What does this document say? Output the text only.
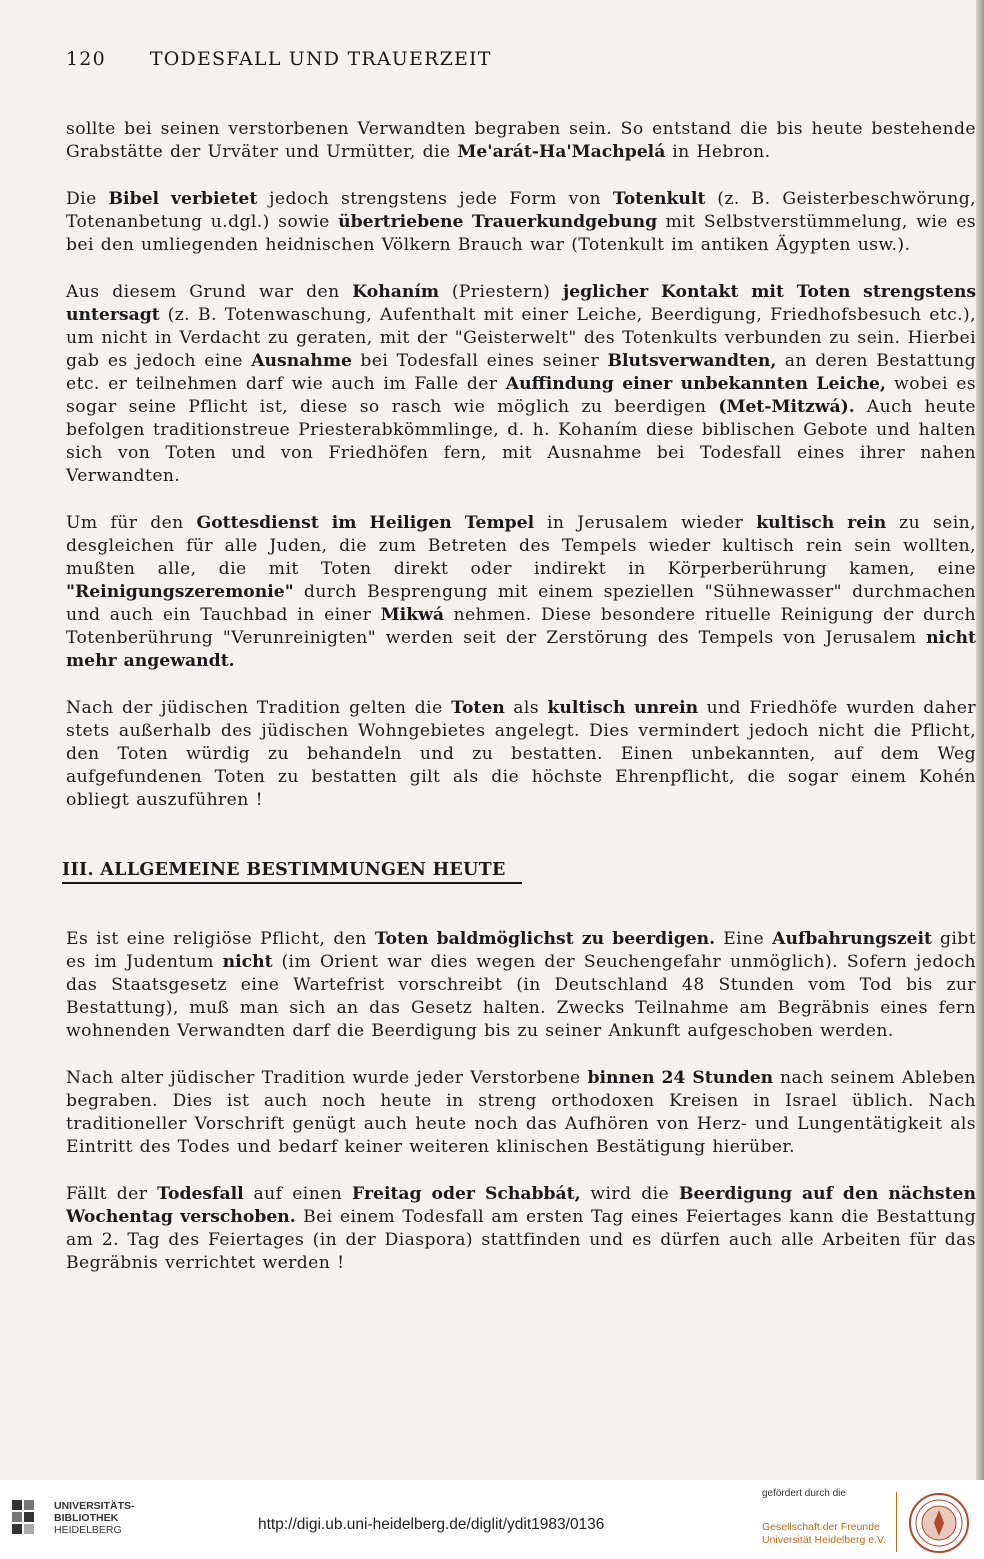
120 TODESFALL UND TRAUERZEIT

sollte bei seinen verstorbenen Verwandten begraben sein. So entstand die bis heute bestehende Grabstätte der Urväter und Urmütter, die Me'arát-Ha'Machpelá in Hebron.

Die Bibel verbietet jedoch strengstens jede Form von Totenkult (z. B. Geisterbeschwörung, Totenanbetung u.dgl.) sowie übertriebene Trauerkundgebung mit Selbstverstümmelung, wie es bei den umliegenden heidnischen Völkern Brauch war (Totenkult im antiken Ägypten usw.).

Aus diesem Grund war den Kohaním (Priestern) jeglicher Kontakt mit Toten strengstens untersagt (z. B. Totenwaschung, Aufenthalt mit einer Leiche, Beerdigung, Friedhofsbesuch etc.), um nicht in Verdacht zu geraten, mit der "Geisterwelt" des Totenkults verbunden zu sein. Hierbei gab es jedoch eine Ausnahme bei Todesfall eines seiner Blutsverwandten, an deren Bestattung etc. er teilnehmen darf wie auch im Falle der Auffindung einer unbekannten Leiche, wobei es sogar seine Pflicht ist, diese so rasch wie möglich zu beerdigen (Met-Mitzwá). Auch heute befolgen traditionstreue Priesterabkömmlinge, d. h. Kohaním diese biblischen Gebote und halten sich von Toten und von Friedhöfen fern, mit Ausnahme bei Todesfall eines ihrer nahen Verwandten.

Um für den Gottesdienst im Heiligen Tempel in Jerusalem wieder kultisch rein zu sein, desgleichen für alle Juden, die zum Betreten des Tempels wieder kultisch rein sein wollten, mußten alle, die mit Toten direkt oder indirekt in Körperberührung kamen, eine "Reinigungszeremonie" durch Besprengung mit einem speziellen "Sühnewasser" durchmachen und auch ein Tauchbad in einer Mikwá nehmen. Diese besondere rituelle Reinigung der durch Totenberührung "Verunreinigten" werden seit der Zerstörung des Tempels von Jerusalem nicht mehr angewandt.

Nach der jüdischen Tradition gelten die Toten als kultisch unrein und Friedhöfe wurden daher stets außerhalb des jüdischen Wohngebietes angelegt. Dies vermindert jedoch nicht die Pflicht, den Toten würdig zu behandeln und zu bestatten. Einen unbekannten, auf dem Weg aufgefundenen Toten zu bestatten gilt als die höchste Ehrenpflicht, die sogar einem Kohén obliegt auszuführen !

III. ALLGEMEINE BESTIMMUNGEN HEUTE

Es ist eine religiöse Pflicht, den Toten baldmöglichst zu beerdigen. Eine Aufbahrungszeit gibt es im Judentum nicht (im Orient war dies wegen der Seuchengefahr unmöglich). Sofern jedoch das Staatsgesetz eine Wartefrist vorschreibt (in Deutschland 48 Stunden vom Tod bis zur Bestattung), muß man sich an das Gesetz halten. Zwecks Teilnahme am Begräbnis eines fern wohnenden Verwandten darf die Beerdigung bis zu seiner Ankunft aufgeschoben werden.

Nach alter jüdischer Tradition wurde jeder Verstorbene binnen 24 Stunden nach seinem Ableben begraben. Dies ist auch noch heute in streng orthodoxen Kreisen in Israel üblich. Nach traditioneller Vorschrift genügt auch heute noch das Aufhören von Herz- und Lungentätigkeit als Eintritt des Todes und bedarf keiner weiteren klinischen Bestätigung hierüber.

Fällt der Todesfall auf einen Freitag oder Schabbát, wird die Beerdigung auf den nächsten Wochentag verschoben. Bei einem Todesfall am ersten Tag eines Feiertages kann die Bestattung am 2. Tag des Feiertages (in der Diaspora) stattfinden und es dürfen auch alle Arbeiten für das Begräbnis verrichtet werden !

UNIVERSITÄTS-
BIBLIOTHEK
HEIDELBERG	http://digi.ub.uni-heidelberg.de/diglit/ydit1983/0136
gefördert durch die
Gesellschaft der Freunde
Universität Heidelberg e.V.
